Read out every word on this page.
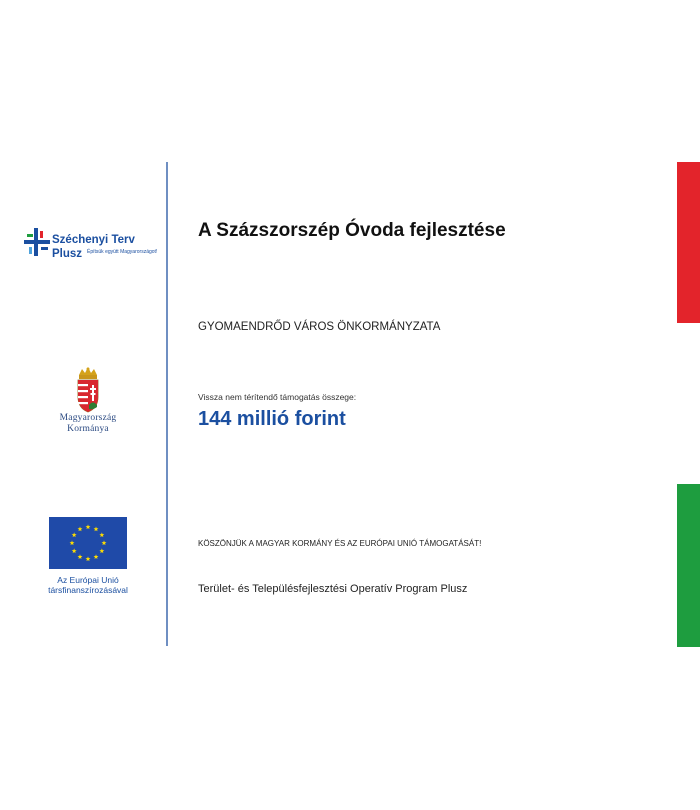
Széchenyi Terv
Plusz Építsük együtt Magyarországot!
Magyarország
Kormánya
Az Európai Unió
társfinanszírozásával
A Százszorszép Óvoda fejlesztése
GYOMAENDRŐD VÁROS ÖNKORMÁNYZATA
Vissza nem térítendő támogatás összege:
144 millió forint
KÖSZÖNJÜK A MAGYAR KORMÁNY ÉS AZ EURÓPAI UNIÓ TÁMOGATÁSÁT!
Terület- és Településfejlesztési Operatív Program Plusz
